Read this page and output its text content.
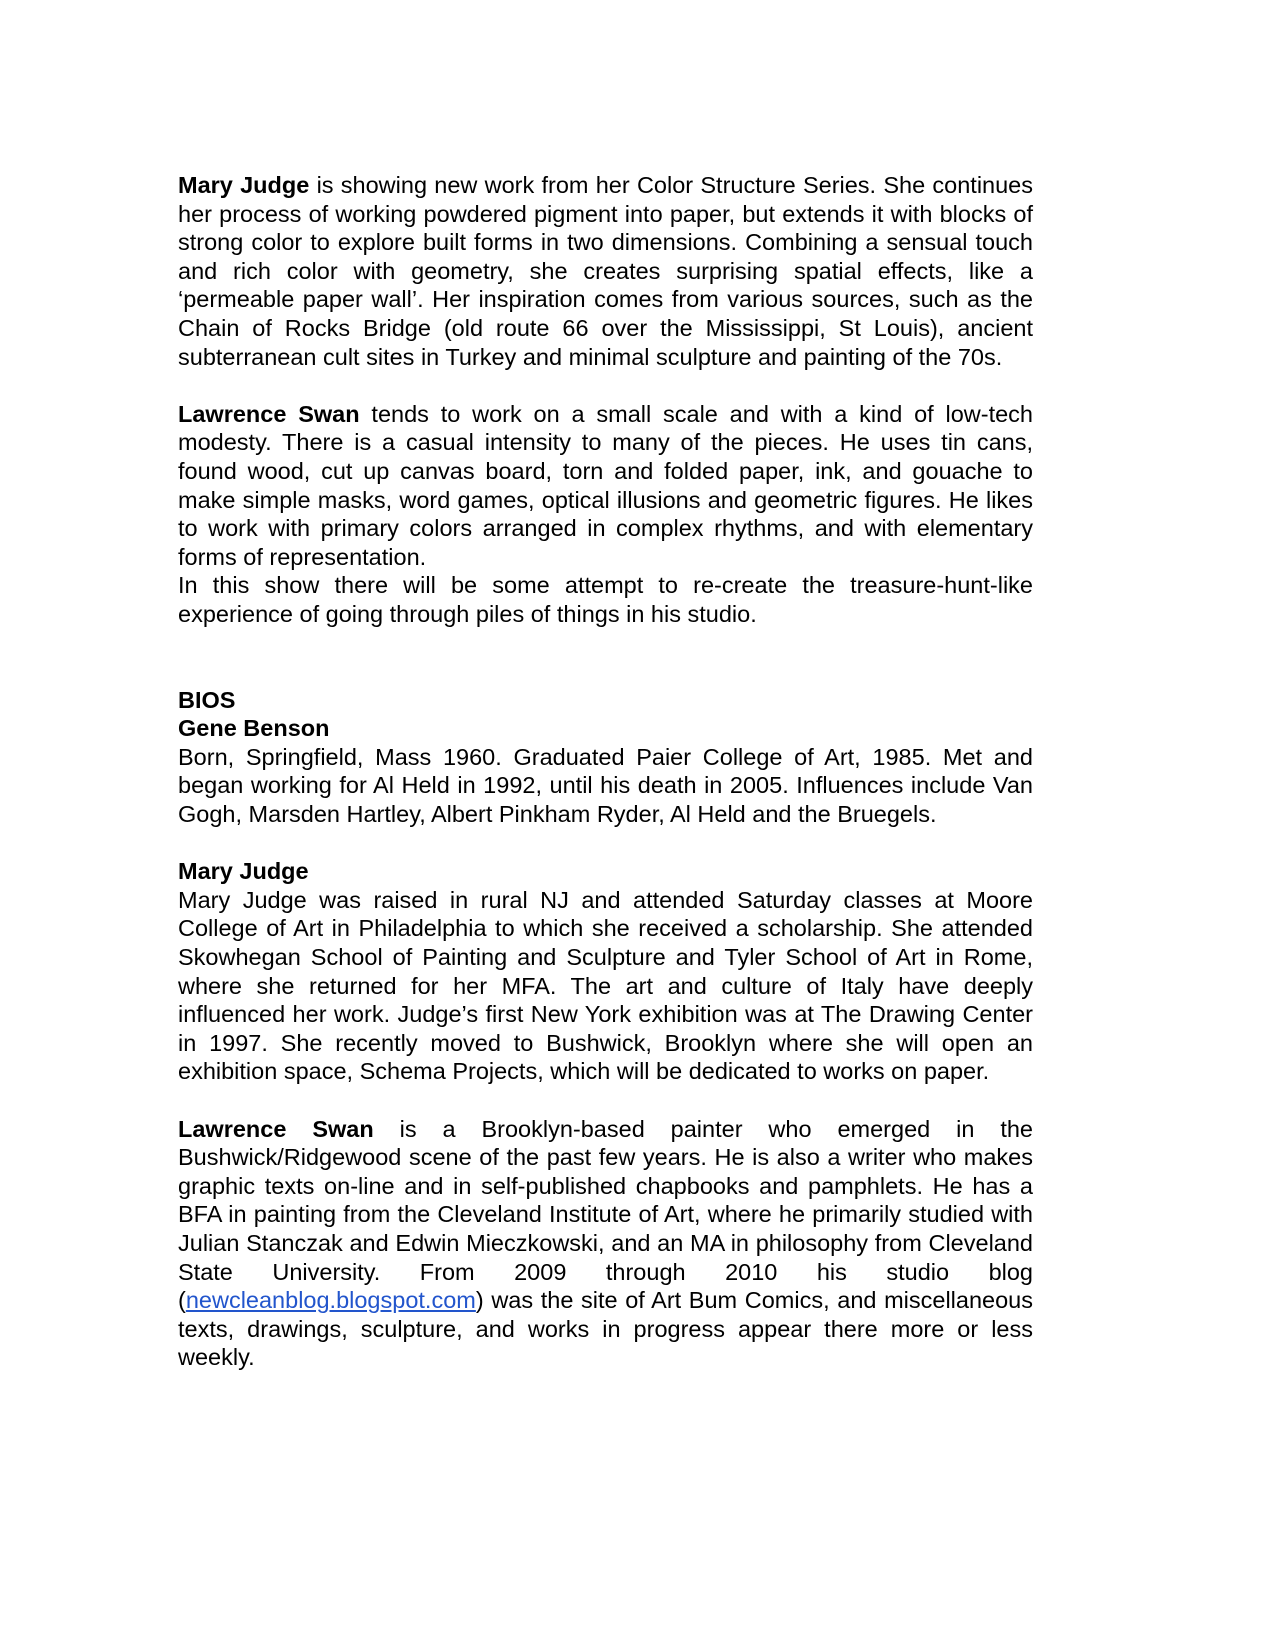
Mary Judge is showing new work from her Color Structure Series. She continues her process of working powdered pigment into paper, but extends it with blocks of strong color to explore built forms in two dimensions. Combining a sensual touch and rich color with geometry, she creates surprising spatial effects, like a ‘permeable paper wall’. Her inspiration comes from various sources, such as the Chain of Rocks Bridge (old route 66 over the Mississippi, St Louis), ancient subterranean cult sites in Turkey and minimal sculpture and painting of the 70s.

Lawrence Swan tends to work on a small scale and with a kind of low-tech modesty. There is a casual intensity to many of the pieces. He uses tin cans, found wood, cut up canvas board, torn and folded paper, ink, and gouache to make simple masks, word games, optical illusions and geometric figures. He likes to work with primary colors arranged in complex rhythms, and with elementary forms of representation.

In this show there will be some attempt to re-create the treasure-hunt-like experience of going through piles of things in his studio.

BIOS
Gene Benson

Born, Springfield, Mass 1960. Graduated Paier College of Art, 1985. Met and began working for Al Held in 1992, until his death in 2005. Influences include Van Gogh, Marsden Hartley, Albert Pinkham Ryder, Al Held and the Bruegels.

Mary Judge

Mary Judge was raised in rural NJ and attended Saturday classes at Moore College of Art in Philadelphia to which she received a scholarship. She attended Skowhegan School of Painting and Sculpture and Tyler School of Art in Rome, where she returned for her MFA. The art and culture of Italy have deeply influenced her work. Judge’s first New York exhibition was at The Drawing Center in 1997. She recently moved to Bushwick, Brooklyn where she will open an exhibition space, Schema Projects, which will be dedicated to works on paper.

Lawrence Swan is a Brooklyn-based painter who emerged in the Bushwick/Ridgewood scene of the past few years. He is also a writer who makes graphic texts on-line and in self-published chapbooks and pamphlets. He has a BFA in painting from the Cleveland Institute of Art, where he primarily studied with Julian Stanczak and Edwin Mieczkowski, and an MA in philosophy from Cleveland State University. From 2009 through 2010 his studio blog (newcleanblog.blogspot.com) was the site of Art Bum Comics, and miscellaneous texts, drawings, sculpture, and works in progress appear there more or less weekly.
